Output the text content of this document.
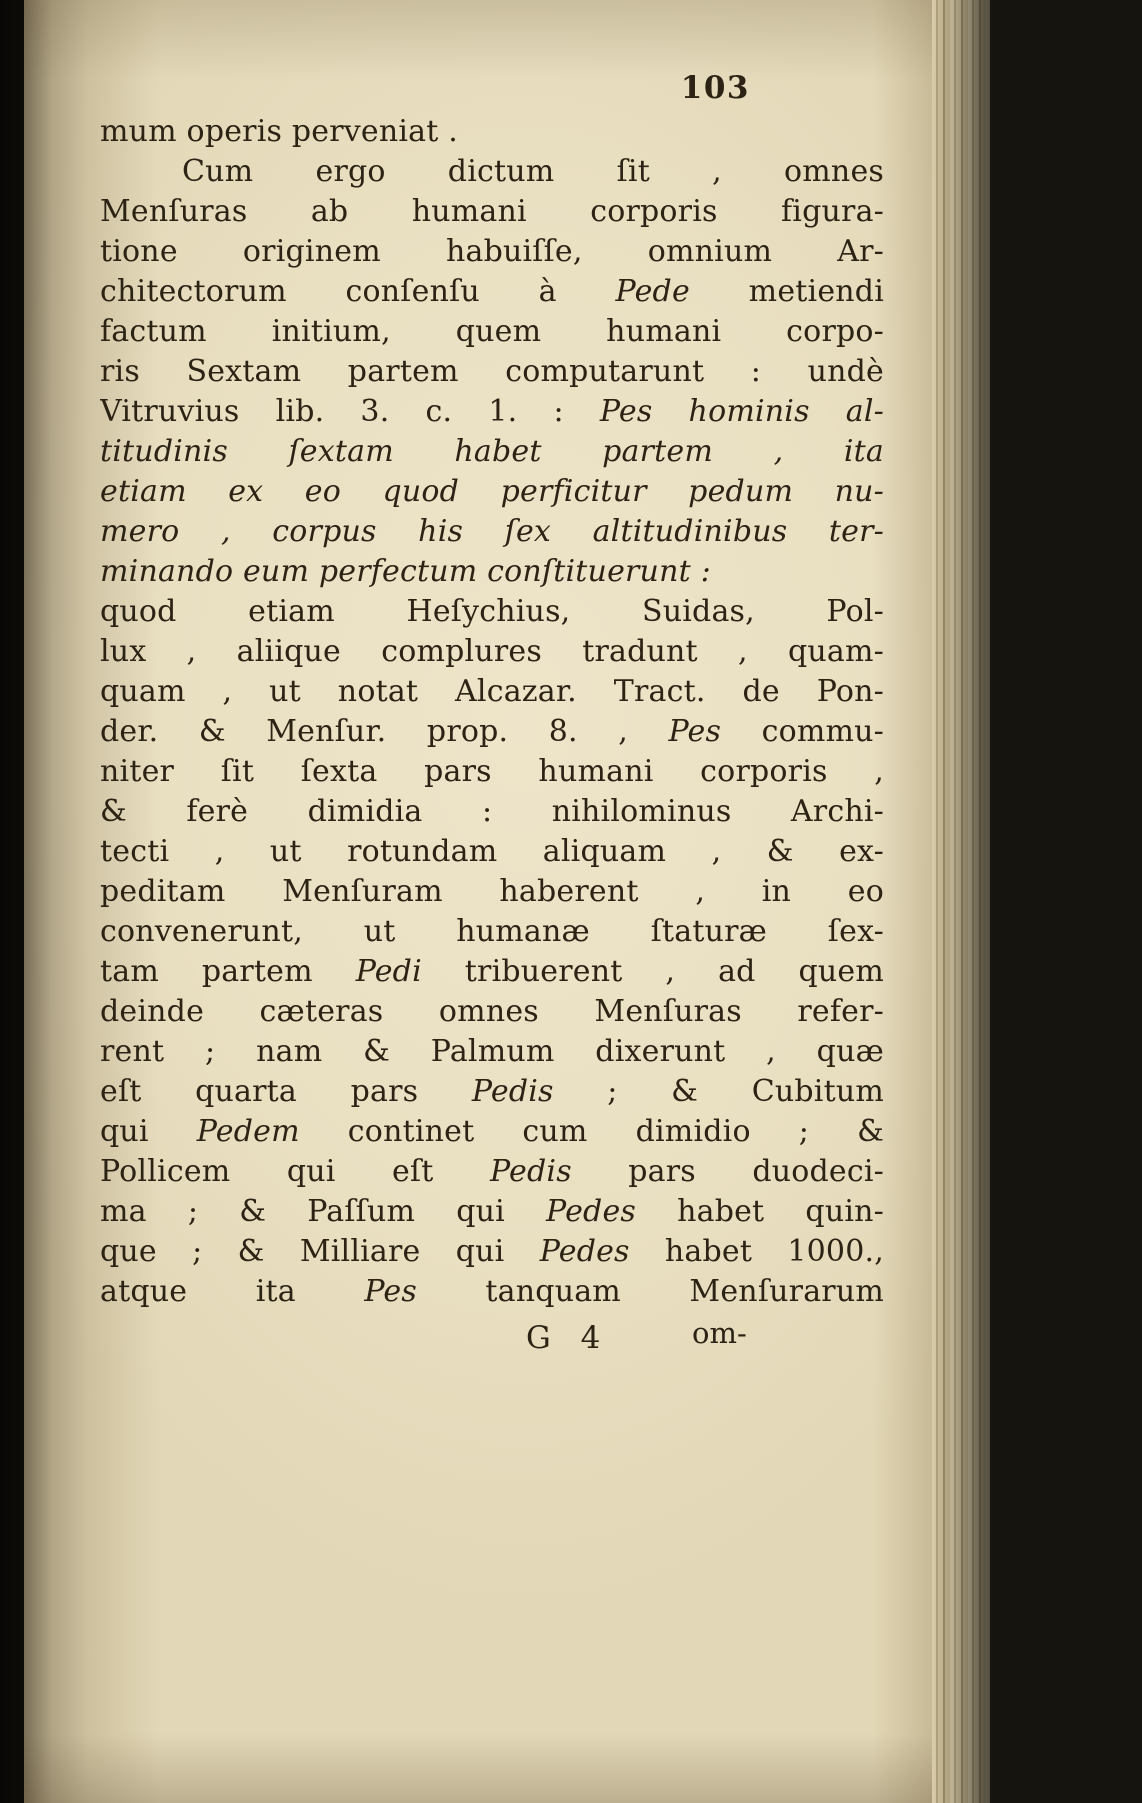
103
mum operis perveniat .
Cum ergo dictum ſit , omnes
Menſuras ab humani corporis figura-
tione originem habuiſſe, omnium Ar-
chitectorum conſenſu à Pede metiendi
factum initium, quem humani corpo-
ris Sextam partem computarunt : undè
Vitruvius lib. 3. c. 1. : Pes hominis al-
titudinis ſextam habet partem , ita
etiam ex eo quod perficitur pedum nu-
mero , corpus his ſex altitudinibus ter-
minando eum perfectum conſtituerunt :
quod etiam Heſychius, Suidas, Pol-
lux , aliique complures tradunt , quam-
quam , ut notat Alcazar. Tract. de Pon-
der. & Menſur. prop. 8. , Pes commu-
niter ſit ſexta pars humani corporis ,
& ferè dimidia : nihilominus Archi-
tecti , ut rotundam aliquam , & ex-
peditam Menſuram haberent , in eo
convenerunt, ut humanæ ſtaturæ ſex-
tam partem Pedi tribuerent , ad quem
deinde cæteras omnes Menſuras refer-
rent ; nam & Palmum dixerunt , quæ
eſt quarta pars Pedis ; & Cubitum
qui Pedem continet cum dimidio ; &
Pollicem qui eſt Pedis pars duodeci-
ma ; & Paſſum qui Pedes habet quin-
que ; & Milliare qui Pedes habet 1000.,
atque ita Pes tanquam Menſurarum
G 4	om-
